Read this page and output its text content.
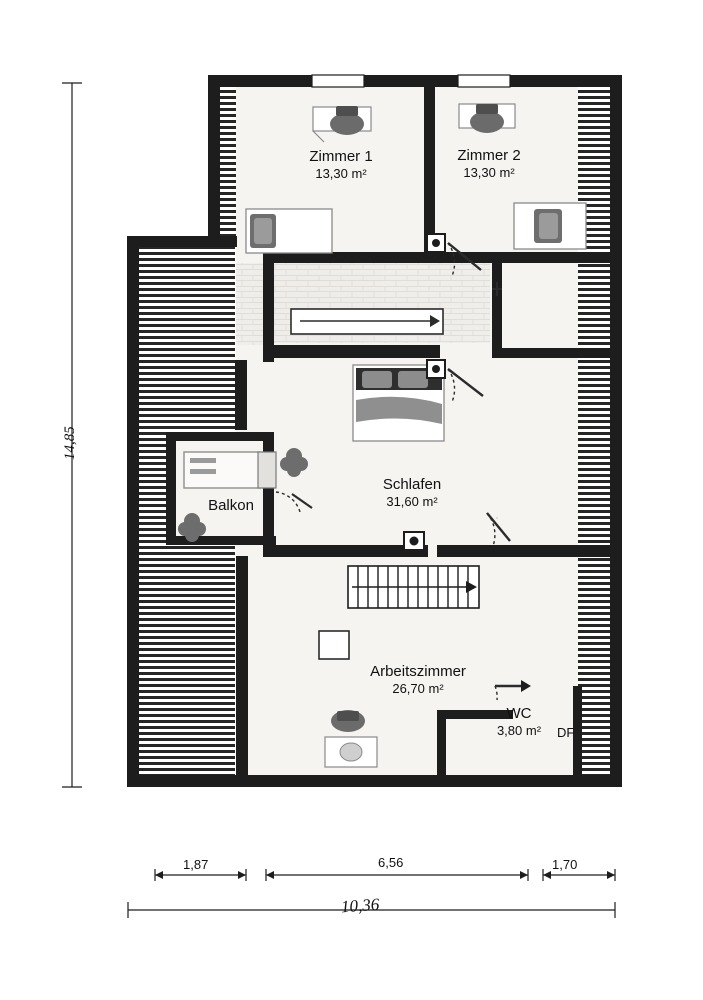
Zimmer 1
13,30 m²
Zimmer 2
13,30 m²
Schlafen
31,60 m²
Balkon
Arbeitszimmer
26,70 m²
WC
3,80 m²	DF
14,85
1,87	6,56	1,70
10,36
